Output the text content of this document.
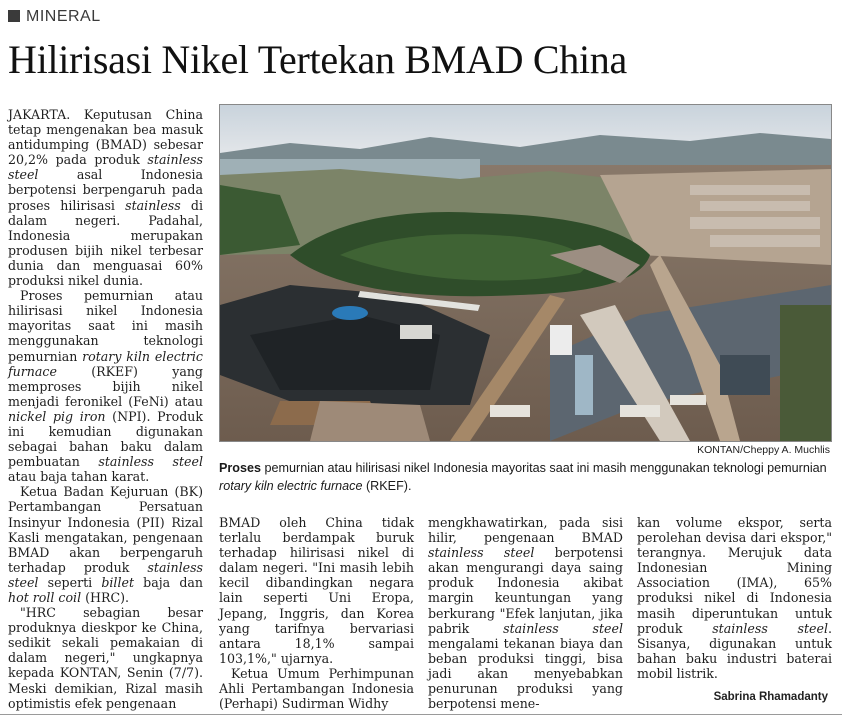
MINERAL
Hilirisasi Nikel Tertekan BMAD China

JAKARTA. Keputusan China tetap mengenakan bea masuk antidumping (BMAD) sebesar 20,2% pada produk stainless steel asal Indonesia berpotensi berpengaruh pada proses hilirisasi stainless di dalam negeri. Padahal, Indonesia merupakan produsen bijih nikel terbesar dunia dan menguasai 60% produksi nikel dunia.

Proses pemurnian atau hilirisasi nikel Indonesia mayoritas saat ini masih menggunakan teknologi pemurnian rotary kiln electric furnace (RKEF) yang memproses bijih nikel menjadi feronikel (FeNi) atau nickel pig iron (NPI). Produk ini kemudian digunakan sebagai bahan baku dalam pembuatan stainless steel atau baja tahan karat.

Ketua Badan Kejuruan (BK) Pertambangan Persatuan Insinyur Indonesia (PII) Rizal Kasli mengatakan, pengenaan BMAD akan berpengaruh terhadap produk stainless steel seperti billet baja dan hot roll coil (HRC).

"HRC sebagian besar produknya dieskpor ke China, sedikit sekali pemakaian di dalam negeri," ungkapnya kepada KONTAN, Senin (7/7). Meski demikian, Rizal masih optimistis efek pengenaan

KONTAN/Cheppy A. Muchlis
Proses pemurnian atau hilirisasi nikel Indonesia mayoritas saat ini masih menggunakan teknologi pemurnian rotary kiln electric furnace (RKEF).

BMAD oleh China tidak terlalu berdampak buruk terhadap hilirisasi nikel di dalam negeri. "Ini masih lebih kecil dibandingkan negara lain seperti Uni Eropa, Jepang, Inggris, dan Korea yang tarifnya bervariasi antara 18,1% sampai 103,1%," ujarnya.

Ketua Umum Perhimpunan Ahli Pertambangan Indonesia (Perhapi) Sudirman Widhy

mengkhawatirkan, pada sisi hilir, pengenaan BMAD stainless steel berpotensi akan mengurangi daya saing produk Indonesia akibat margin keuntungan yang berkurang "Efek lanjutan, jika pabrik stainless steel mengalami tekanan biaya dan beban produksi tinggi, bisa jadi akan menyebabkan penurunan produksi yang berpotensi mene-

kan volume ekspor, serta perolehan devisa dari ekspor," terangnya. Merujuk data Indonesian Mining Association (IMA), 65% produksi nikel di Indonesia masih diperuntukan untuk produk stainless steel. Sisanya, digunakan untuk bahan baku industri baterai mobil listrik.

Sabrina Rhamadanty
